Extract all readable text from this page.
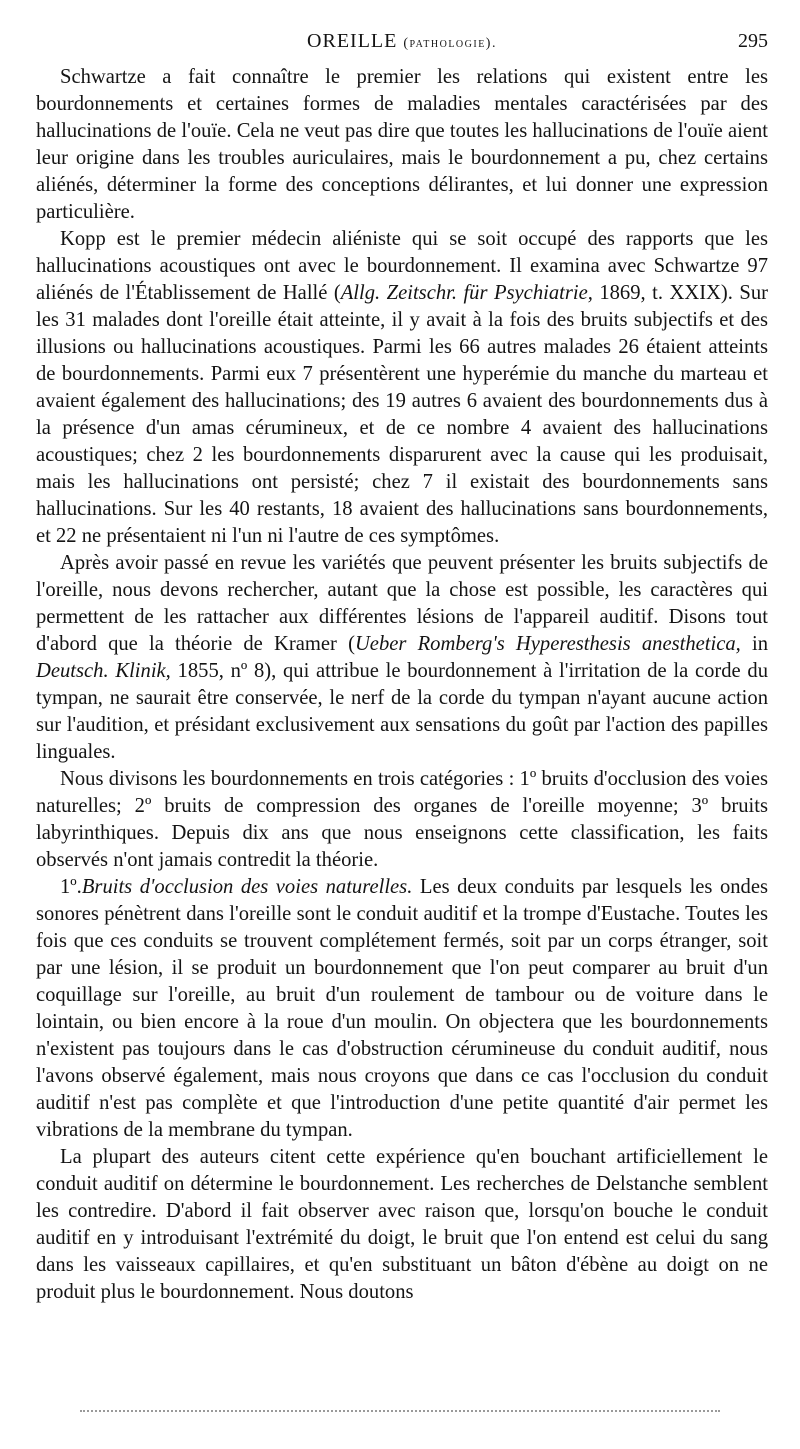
OREILLE (pathologie).	295

Schwartze a fait connaître le premier les relations qui existent entre les bourdonnements et certaines formes de maladies mentales caractérisées par des hallucinations de l'ouïe. Cela ne veut pas dire que toutes les hallucinations de l'ouïe aient leur origine dans les troubles auriculaires, mais le bourdonnement a pu, chez certains aliénés, déterminer la forme des conceptions délirantes, et lui donner une expression particulière.

Kopp est le premier médecin aliéniste qui se soit occupé des rapports que les hallucinations acoustiques ont avec le bourdonnement. Il examina avec Schwartze 97 aliénés de l'Établissement de Hallé (Allg. Zeitschr. für Psychiatrie, 1869, t. XXIX). Sur les 31 malades dont l'oreille était atteinte, il y avait à la fois des bruits subjectifs et des illusions ou hallucinations acoustiques. Parmi les 66 autres malades 26 étaient atteints de bourdonnements. Parmi eux 7 présentèrent une hyperémie du manche du marteau et avaient également des hallucinations; des 19 autres 6 avaient des bourdonnements dus à la présence d'un amas cérumineux, et de ce nombre 4 avaient des hallucinations acoustiques; chez 2 les bourdonnements disparurent avec la cause qui les produisait, mais les hallucinations ont persisté; chez 7 il existait des bourdonnements sans hallucinations. Sur les 40 restants, 18 avaient des hallucinations sans bourdonnements, et 22 ne présentaient ni l'un ni l'autre de ces symptômes.

Après avoir passé en revue les variétés que peuvent présenter les bruits subjectifs de l'oreille, nous devons rechercher, autant que la chose est possible, les caractères qui permettent de les rattacher aux différentes lésions de l'appareil auditif. Disons tout d'abord que la théorie de Kramer (Ueber Romberg's Hyperesthesis anesthetica, in Deutsch. Klinik, 1855, nº 8), qui attribue le bourdonnement à l'irritation de la corde du tympan, ne saurait être conservée, le nerf de la corde du tympan n'ayant aucune action sur l'audition, et présidant exclusivement aux sensations du goût par l'action des papilles linguales.

Nous divisons les bourdonnements en trois catégories : 1º bruits d'occlusion des voies naturelles; 2º bruits de compression des organes de l'oreille moyenne; 3º bruits labyrinthiques. Depuis dix ans que nous enseignons cette classification, les faits observés n'ont jamais contredit la théorie.

1º.Bruits d'occlusion des voies naturelles. Les deux conduits par lesquels les ondes sonores pénètrent dans l'oreille sont le conduit auditif et la trompe d'Eustache. Toutes les fois que ces conduits se trouvent complétement fermés, soit par un corps étranger, soit par une lésion, il se produit un bourdonnement que l'on peut comparer au bruit d'un coquillage sur l'oreille, au bruit d'un roulement de tambour ou de voiture dans le lointain, ou bien encore à la roue d'un moulin. On objectera que les bourdonnements n'existent pas toujours dans le cas d'obstruction cérumineuse du conduit auditif, nous l'avons observé également, mais nous croyons que dans ce cas l'occlusion du conduit auditif n'est pas complète et que l'introduction d'une petite quantité d'air permet les vibrations de la membrane du tympan.

La plupart des auteurs citent cette expérience qu'en bouchant artificiellement le conduit auditif on détermine le bourdonnement. Les recherches de Delstanche semblent les contredire. D'abord il fait observer avec raison que, lorsqu'on bouche le conduit auditif en y introduisant l'extrémité du doigt, le bruit que l'on entend est celui du sang dans les vaisseaux capillaires, et qu'en substituant un bâton d'ébène au doigt on ne produit plus le bourdonnement. Nous doutons
